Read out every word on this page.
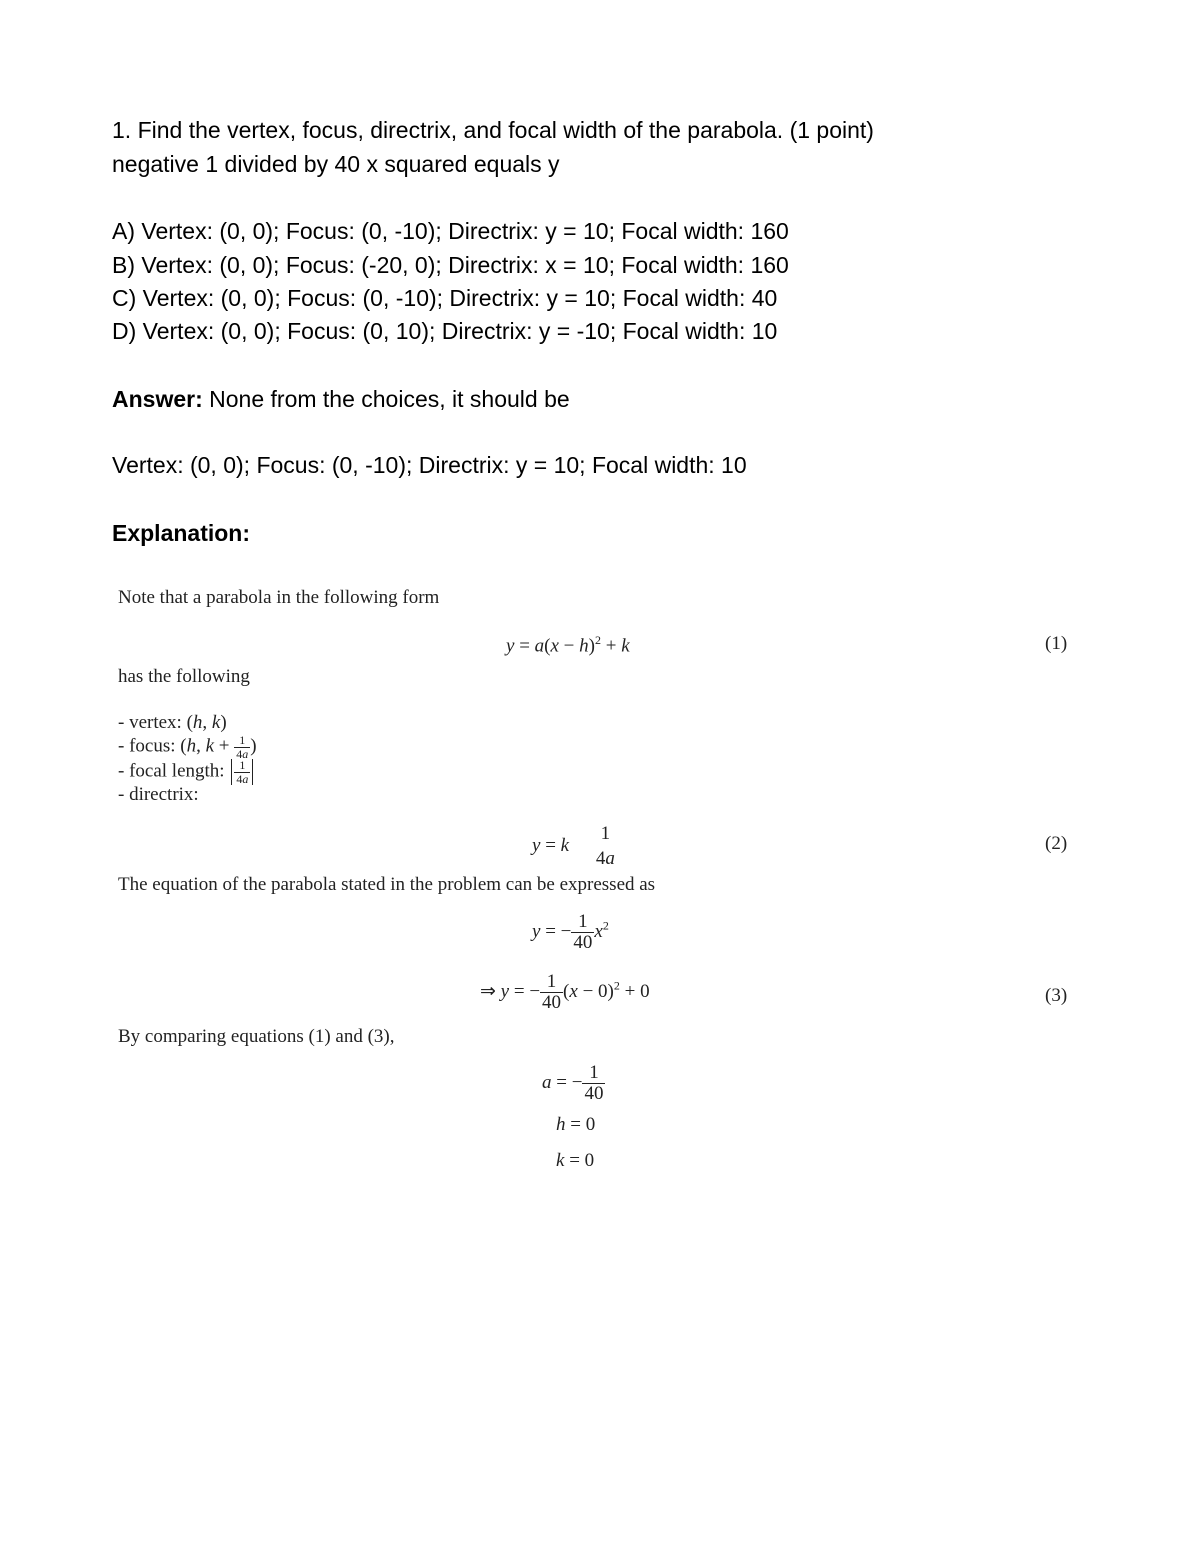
1. Find the vertex, focus, directrix, and focal width of the parabola. (1 point)
negative 1 divided by 40 x squared equals y
A) Vertex: (0, 0); Focus: (0, -10); Directrix: y = 10; Focal width: 160
B) Vertex: (0, 0); Focus: (-20, 0); Directrix: x = 10; Focal width: 160
C) Vertex: (0, 0); Focus: (0, -10); Directrix: y = 10; Focal width: 40
D) Vertex: (0, 0); Focus: (0, 10); Directrix: y = -10; Focal width: 10
Answer: None from the choices, it should be
Vertex: (0, 0); Focus: (0, -10); Directrix: y = 10; Focal width: 10
Explanation:
Note that a parabola in the following form
$y = a(x - h)^2 + k$	(1)
has the following
- vertex: (h, k)
- focus: (h, $k + \frac{1}{4a}$ )
- focal length: $\frac{1}{4a}$
- directrix:
y = k
1
4a
(2)
The equation of the parabola stated in the problem can be expressed as
y = − $\frac{1}{40} x^2$
⇒ y = − $\frac{1}{40} (x - 0)^2 + 0$	(3)
By comparing equations (1) and (3),
a = − $\frac{1}{40}$
h = 0
k = 0
